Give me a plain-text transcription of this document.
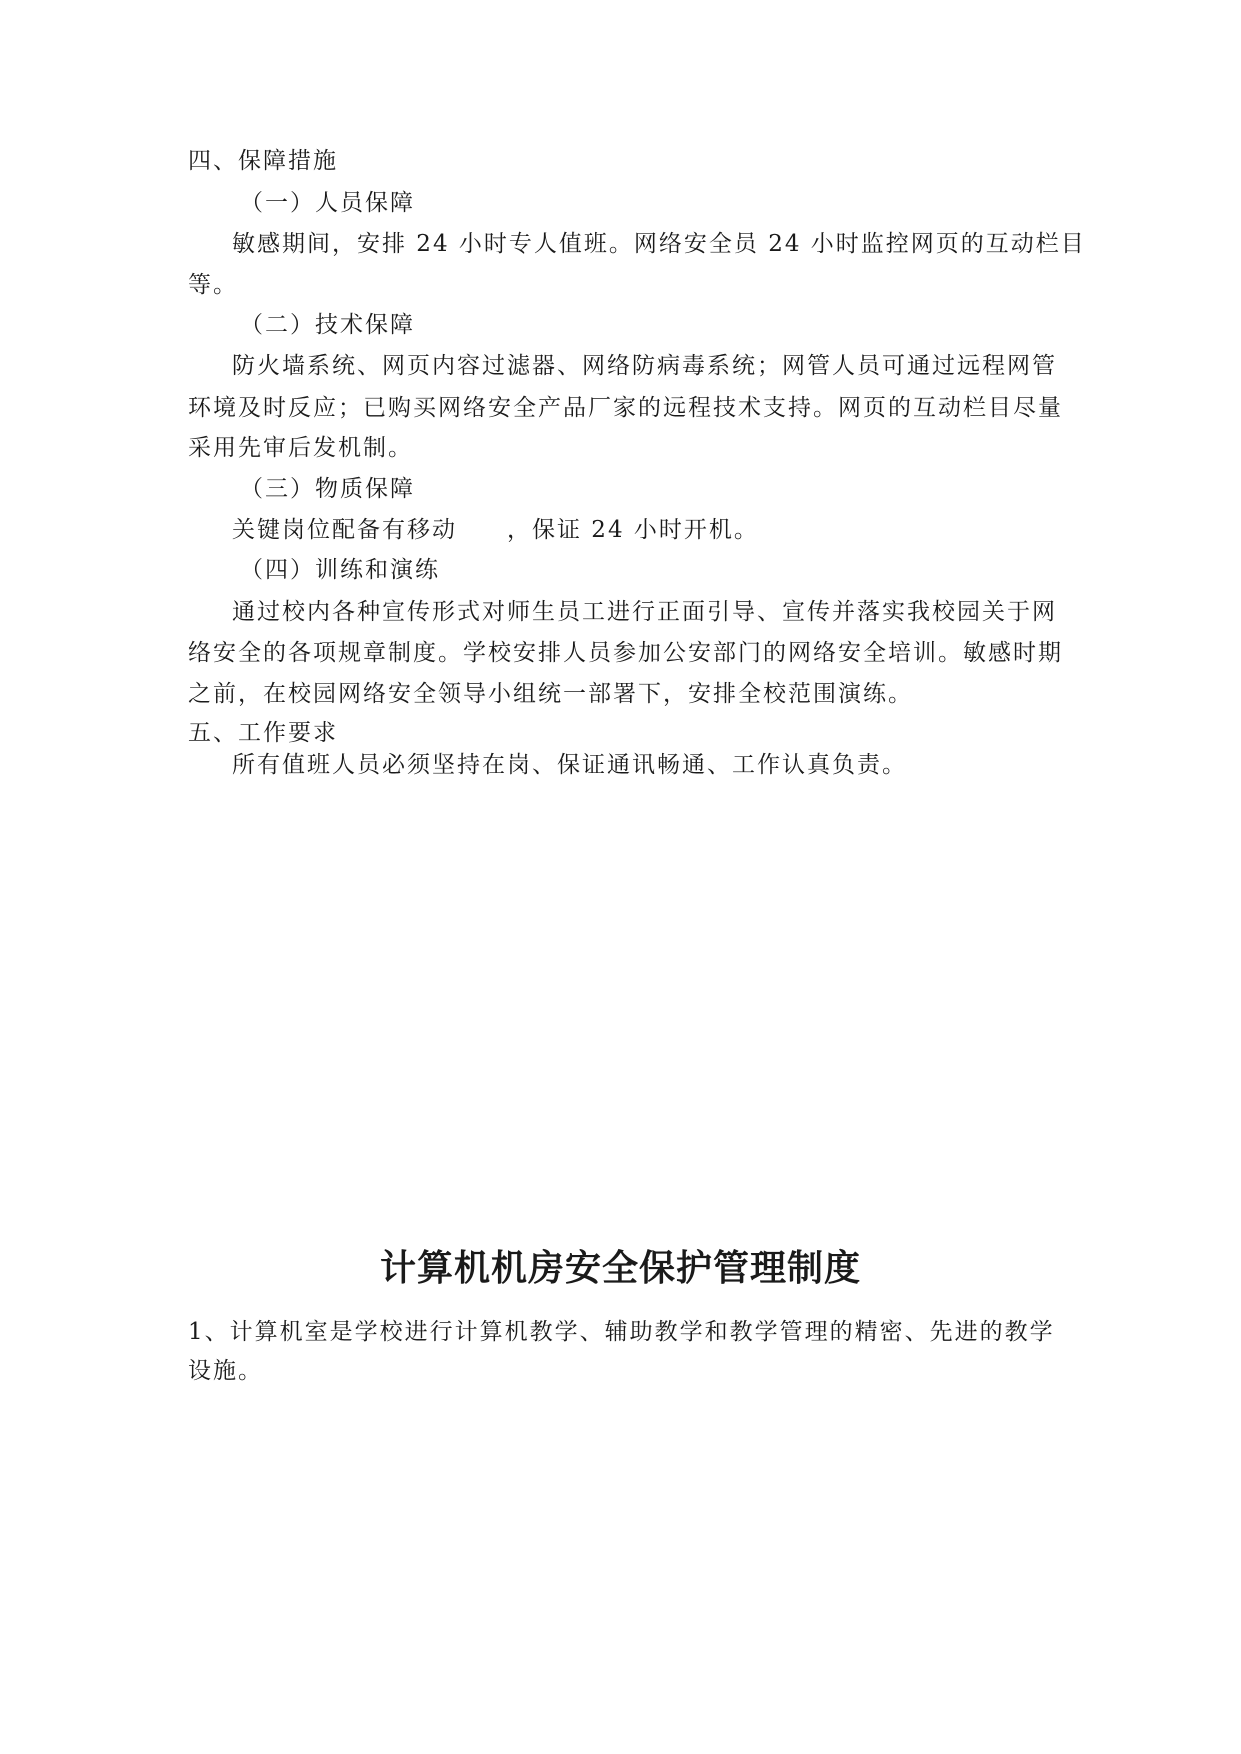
四、保障措施
（一）人员保障
敏感期间，安排 24 小时专人值班。网络安全员 24 小时监控网页的互动栏目
等。
（二）技术保障
防火墙系统、网页内容过滤器、网络防病毒系统；网管人员可通过远程网管
环境及时反应；已购买网络安全产品厂家的远程技术支持。网页的互动栏目尽量
采用先审后发机制。
（三）物质保障
关键岗位配备有移动　　，保证 24 小时开机。
（四）训练和演练
通过校内各种宣传形式对师生员工进行正面引导、宣传并落实我校园关于网
络安全的各项规章制度。学校安排人员参加公安部门的网络安全培训。敏感时期
之前，在校园网络安全领导小组统一部署下，安排全校范围演练。
五、工作要求
所有值班人员必须坚持在岗、保证通讯畅通、工作认真负责。
计算机机房安全保护管理制度
1、计算机室是学校进行计算机教学、辅助教学和教学管理的精密、先进的教学
设施。
